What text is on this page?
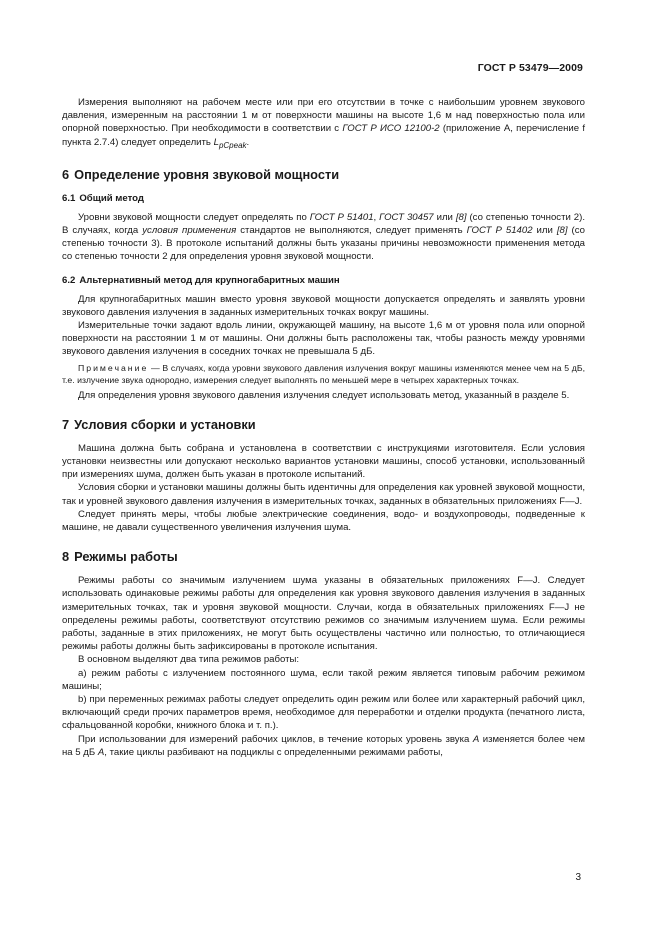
ГОСТ Р 53479—2009

Измерения выполняют на рабочем месте или при его отсутствии в точке с наибольшим уровнем звукового давления, измеренным на расстоянии 1 м от поверхности машины на высоте 1,6 м над поверхностью пола или опорной поверхностью. При необходимости в соответствии с ГОСТ Р ИСО 12100-2 (приложение А, перечисление f пункта 2.7.4) следует определить $L_{pCpeak}$.

6 Определение уровня звуковой мощности
6.1 Общий метод

Уровни звуковой мощности следует определять по ГОСТ Р 51401, ГОСТ 30457 или [8] (со степенью точности 2). В случаях, когда условия применения стандартов не выполняются, следует применять ГОСТ Р 51402 или [8] (со степенью точности 3). В протоколе испытаний должны быть указаны причины невозможности применения метода со степенью точности 2 для определения уровня звуковой мощности.

6.2 Альтернативный метод для крупногабаритных машин

Для крупногабаритных машин вместо уровня звуковой мощности допускается определять и заявлять уровни звукового давления излучения в заданных измерительных точках вокруг машины.

Измерительные точки задают вдоль линии, окружающей машину, на высоте 1,6 м от уровня пола или опорной поверхности на расстоянии 1 м от машины. Они должны быть расположены так, чтобы разность между уровнями звукового давления излучения в соседних точках не превышала 5 дБ.

Примечание — В случаях, когда уровни звукового давления излучения вокруг машины изменяются менее чем на 5 дБ, т.е. излучение звука однородно, измерения следует выполнять по меньшей мере в четырех характерных точках.

Для определения уровня звукового давления излучения следует использовать метод, указанный в разделе 5.

7 Условия сборки и установки

Машина должна быть собрана и установлена в соответствии с инструкциями изготовителя. Если условия установки неизвестны или допускают несколько вариантов установки машины, способ установки, использованный при измерениях шума, должен быть указан в протоколе испытаний.

Условия сборки и установки машины должны быть идентичны для определения как уровней звуковой мощности, так и уровней звукового давления излучения в измерительных точках, заданных в обязательных приложениях F—J.

Следует принять меры, чтобы любые электрические соединения, водо- и воздухопроводы, подведенные к машине, не давали существенного увеличения излучения шума.

8 Режимы работы

Режимы работы со значимым излучением шума указаны в обязательных приложениях F—J. Следует использовать одинаковые режимы работы для определения как уровня звукового давления излучения в заданных измерительных точках, так и уровня звуковой мощности. Случаи, когда в обязательных приложениях F—J не определены режимы работы, соответствуют отсутствию режимов со значимым излучением шума. Если режимы работы, заданные в этих приложениях, не могут быть осуществлены частично или полностью, то отличающиеся режимы работы должны быть зафиксированы в протоколе испытания.

В основном выделяют два типа режимов работы:

а) режим работы с излучением постоянного шума, если такой режим является типовым рабочим режимом машины;

b) при переменных режимах работы следует определить один режим или более или характерный рабочий цикл, включающий среди прочих параметров время, необходимое для переработки и отделки продукта (печатного листа, сфальцованной коробки, книжного блока и т. п.).

При использовании для измерений рабочих циклов, в течение которых уровень звука А изменяется более чем на 5 дБ А, такие циклы разбивают на подциклы с определенными режимами работы,

3
